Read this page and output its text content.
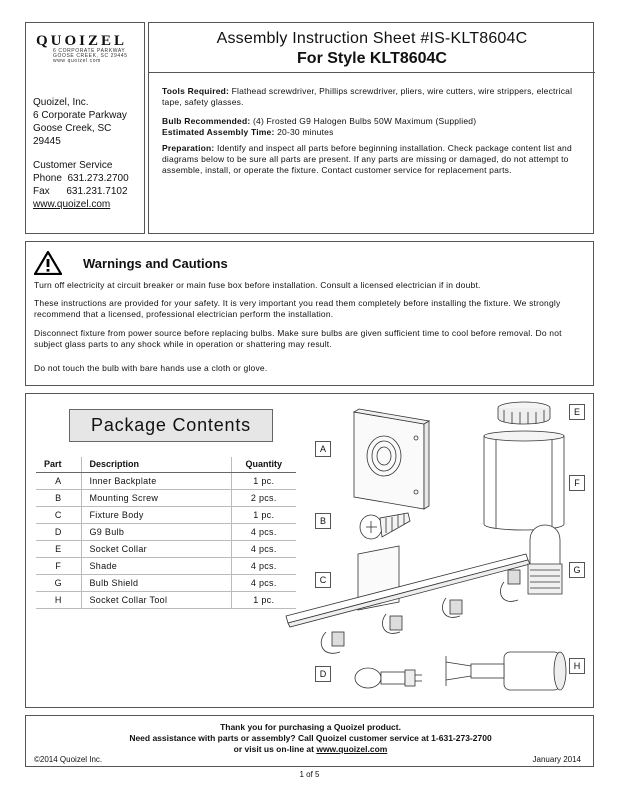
QUOIZEL
6 CORPORATE PARKWAY
GOOSE CREEK, SC 29445
www quoizel com
Quoizel, Inc.
6 Corporate Parkway
Goose Creek, SC
29445
Customer Service
Phone  631.273.2700
Fax      631.231.7102
www.quoizel.com
Assembly Instruction Sheet #IS-KLT8604C
For Style KLT8604C
Tools Required: Flathead screwdriver, Phillips screwdriver, pliers, wire cutters, wire strippers, electrical tape, safety glasses.
Bulb Recommended: (4) Frosted G9 Halogen Bulbs 50W Maximum (Supplied)
Estimated Assembly Time: 20-30 minutes
Preparation: Identify and inspect all parts before beginning installation. Check package content list and diagrams below to be sure all parts are present. If any parts are missing or damaged, do not attempt to assemble, install, or operate the fixture. Contact customer service for replacement parts.
Warnings and Cautions
Turn off electricity at circuit breaker or main fuse box before installation. Consult a licensed electrician if in doubt.
These instructions are provided for your safety. It is very important you read them completely before installing the fixture. We strongly recommend that a licensed, professional electrician perform the installation.
Disconnect fixture from power source before replacing bulbs. Make sure bulbs are given sufficient time to cool before removal. Do not subject glass parts to any shock while in operation or shattering may result.
Do not touch the bulb with bare hands use a cloth or glove.
Package Contents
Part	Description	Quantity
A	Inner Backplate	1 pc.
B	Mounting Screw	2 pcs.
C	Fixture Body	1 pc.
D	G9 Bulb	4 pcs.
E	Socket Collar	4 pcs.
F	Shade	4 pcs.
G	Bulb Shield	4 pcs.
H	Socket Collar Tool	1 pc.
A
B
C
D
E
F
G
H
Thank you for purchasing a Quoizel product.
Need assistance with parts or assembly? Call Quoizel customer service at 1-631-273-2700
or visit us on-line at www.quoizel.com
©2014 Quoizel Inc.	January 2014
1 of 5
